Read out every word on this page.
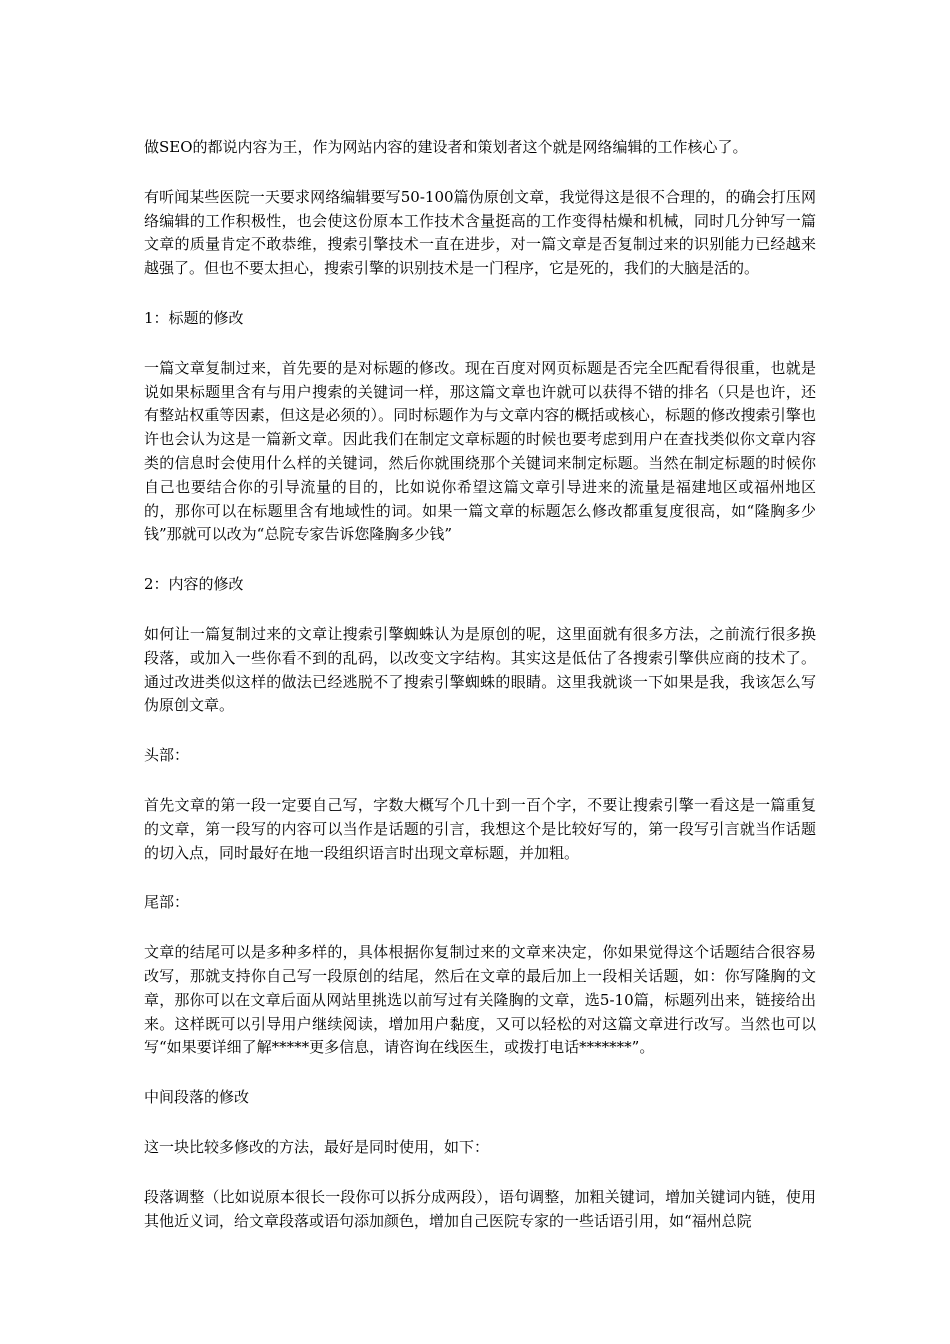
做SEO的都说内容为王，作为网站内容的建设者和策划者这个就是网络编辑的工作核心了。

有听闻某些医院一天要求网络编辑要写50-100篇伪原创文章，我觉得这是很不合理的，的确会打压网络编辑的工作积极性，也会使这份原本工作技术含量挺高的工作变得枯燥和机械，同时几分钟写一篇文章的质量肯定不敢恭维，搜索引擎技术一直在进步，对一篇文章是否复制过来的识别能力已经越来越强了。但也不要太担心，搜索引擎的识别技术是一门程序，它是死的，我们的大脑是活的。

1：标题的修改

一篇文章复制过来，首先要的是对标题的修改。现在百度对网页标题是否完全匹配看得很重，也就是说如果标题里含有与用户搜索的关键词一样，那这篇文章也许就可以获得不错的排名（只是也许，还有整站权重等因素，但这是必须的）。同时标题作为与文章内容的概括或核心，标题的修改搜索引擎也许也会认为这是一篇新文章。因此我们在制定文章标题的时候也要考虑到用户在查找类似你文章内容类的信息时会使用什么样的关键词，然后你就围绕那个关键词来制定标题。当然在制定标题的时候你自己也要结合你的引导流量的目的，比如说你希望这篇文章引导进来的流量是福建地区或福州地区的，那你可以在标题里含有地域性的词。如果一篇文章的标题怎么修改都重复度很高，如“隆胸多少钱”那就可以改为“总院专家告诉您隆胸多少钱”

2：内容的修改

如何让一篇复制过来的文章让搜索引擎蜘蛛认为是原创的呢，这里面就有很多方法，之前流行很多换段落，或加入一些你看不到的乱码，以改变文字结构。其实这是低估了各搜索引擎供应商的技术了。通过改进类似这样的做法已经逃脱不了搜索引擎蜘蛛的眼睛。这里我就谈一下如果是我，我该怎么写伪原创文章。

头部：

首先文章的第一段一定要自己写，字数大概写个几十到一百个字，不要让搜索引擎一看这是一篇重复的文章，第一段写的内容可以当作是话题的引言，我想这个是比较好写的，第一段写引言就当作话题的切入点，同时最好在地一段组织语言时出现文章标题，并加粗。

尾部：

文章的结尾可以是多种多样的，具体根据你复制过来的文章来决定，你如果觉得这个话题结合很容易改写，那就支持你自己写一段原创的结尾，然后在文章的最后加上一段相关话题，如：你写隆胸的文章，那你可以在文章后面从网站里挑选以前写过有关隆胸的文章，选5-10篇，标题列出来，链接给出来。这样既可以引导用户继续阅读，增加用户黏度，又可以轻松的对这篇文章进行改写。当然也可以写“如果要详细了解*****更多信息，请咨询在线医生，或拨打电话*******”。

中间段落的修改

这一块比较多修改的方法，最好是同时使用，如下：

段落调整（比如说原本很长一段你可以拆分成两段），语句调整，加粗关键词，增加关键词内链，使用其他近义词，给文章段落或语句添加颜色，增加自己医院专家的一些话语引用，如“福州总院
